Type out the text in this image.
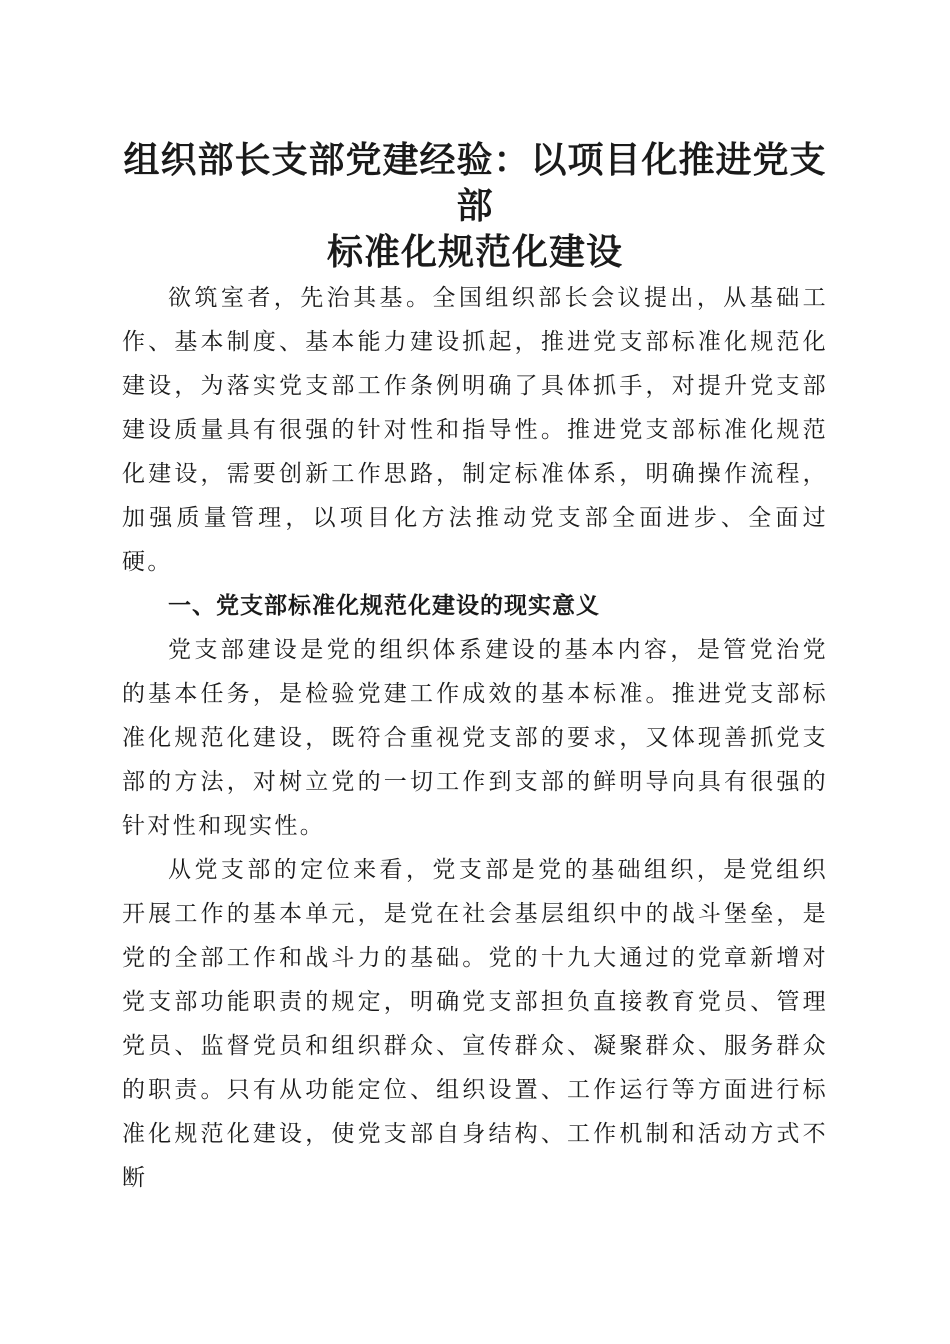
组织部长支部党建经验：以项目化推进党支部
标准化规范化建设

欲筑室者，先治其基。全国组织部长会议提出，从基础工作、基本制度、基本能力建设抓起，推进党支部标准化规范化建设，为落实党支部工作条例明确了具体抓手，对提升党支部建设质量具有很强的针对性和指导性。推进党支部标准化规范化建设，需要创新工作思路，制定标准体系，明确操作流程，加强质量管理，以项目化方法推动党支部全面进步、全面过硬。

一、党支部标准化规范化建设的现实意义

党支部建设是党的组织体系建设的基本内容，是管党治党的基本任务，是检验党建工作成效的基本标准。推进党支部标准化规范化建设，既符合重视党支部的要求，又体现善抓党支部的方法，对树立党的一切工作到支部的鲜明导向具有很强的针对性和现实性。

从党支部的定位来看，党支部是党的基础组织，是党组织开展工作的基本单元，是党在社会基层组织中的战斗堡垒，是党的全部工作和战斗力的基础。党的十九大通过的党章新增对党支部功能职责的规定，明确党支部担负直接教育党员、管理党员、监督党员和组织群众、宣传群众、凝聚群众、服务群众的职责。只有从功能定位、组织设置、工作运行等方面进行标准化规范化建设，使党支部自身结构、工作机制和活动方式不断
